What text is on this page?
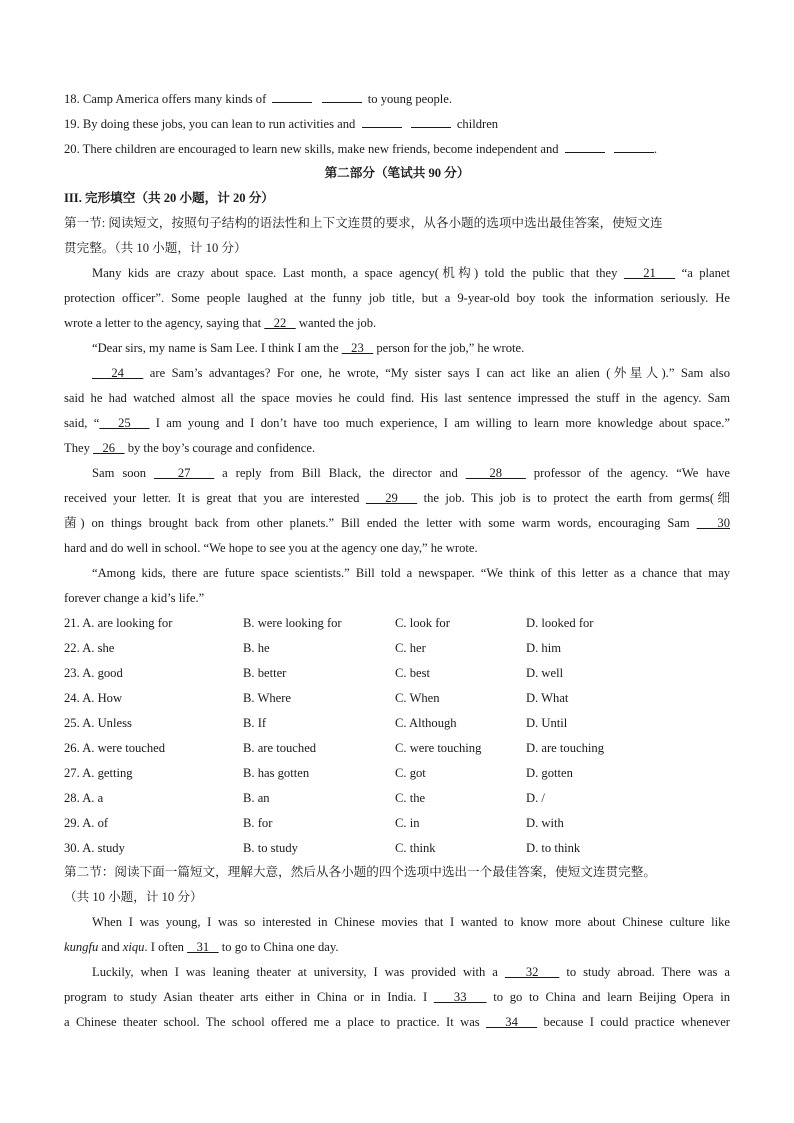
18. Camp America offers many kinds of	to young people.
19. By doing these jobs, you can lean to run activities and	children
20. There children are encouraged to learn new skills, make new friends, become independent and	.
第二部分（笔试共 90 分）
III. 完形填空（共 20 小题，计 20 分）
第一节: 阅读短文，按照句子结构的语法性和上下文连贯的要求，从各小题的选项中选出最佳答案，使短文连
贯完整。（共 10 小题，计 10 分）
Many kids are crazy about space. Last month, a space agency(机构) told the public that they    21    “a planet
protection officer”. Some people laughed at the funny job title, but a 9-year-old boy took the information seriously. He
wrote a letter to the agency, saying that    22    wanted the job.
“Dear sirs, my name is Sam Lee. I think I am the    23    person for the job,” he wrote.
24    are Sam’s advantages? For one, he wrote, “My sister says I can act like an alien (外星人).” Sam also
said he had watched almost all the space movies he could find. His last sentence impressed the stuff in the agency. Sam
said, “   25    I am young and I don’t have too much experience, I am willing to learn more knowledge about space.”
They    26    by the boy’s courage and confidence.
Sam soon    27    a reply from Bill Black, the director and    28    professor of the agency. “We have
received your letter. It is great that you are interested    29    the job. This job is to protect the earth from germs(细
菌) on things brought back from other planets.” Bill ended the letter with some warm words, encouraging Sam    30
hard and do well in school. “We hope to see you at the agency one day,” he wrote.
“Among kids, there are future space scientists.” Bill told a newspaper. “We think of this letter as a chance that may
forever change a kid’s life.”
21. A. are looking for	B. were looking for	C. look for	D. looked for
22. A. she	B. he	C. her	D. him
23. A. good	B. better	C. best	D. well
24. A. How	B. Where	C. When	D. What
25. A. Unless	B. If	C. Although	D. Until
26. A. were touched	B. are touched	C. were touching	D. are touching
27. A. getting	B. has gotten	C. got	D. gotten
28. A. a	B. an	C. the	D. /
29. A. of	B. for	C. in	D. with
30. A. study	B. to study	C. think	D. to think
第二节：阅读下面一篇短文，理解大意，然后从各小题的四个选项中选出一个最佳答案，使短文连贯完整。
（共 10 小题，计 10 分）
When I was young, I was so interested in Chinese movies that I wanted to know more about Chinese culture like
kungfu and xiqu. I often    31    to go to China one day.
Luckily, when I was leaning theater at university, I was provided with a    32    to study abroad. There was a
program to study Asian theater arts either in China or in India. I    33    to go to China and learn Beijing Opera in
a Chinese theater school. The school offered me a place to practice. It was    34    because I could practice whenever
